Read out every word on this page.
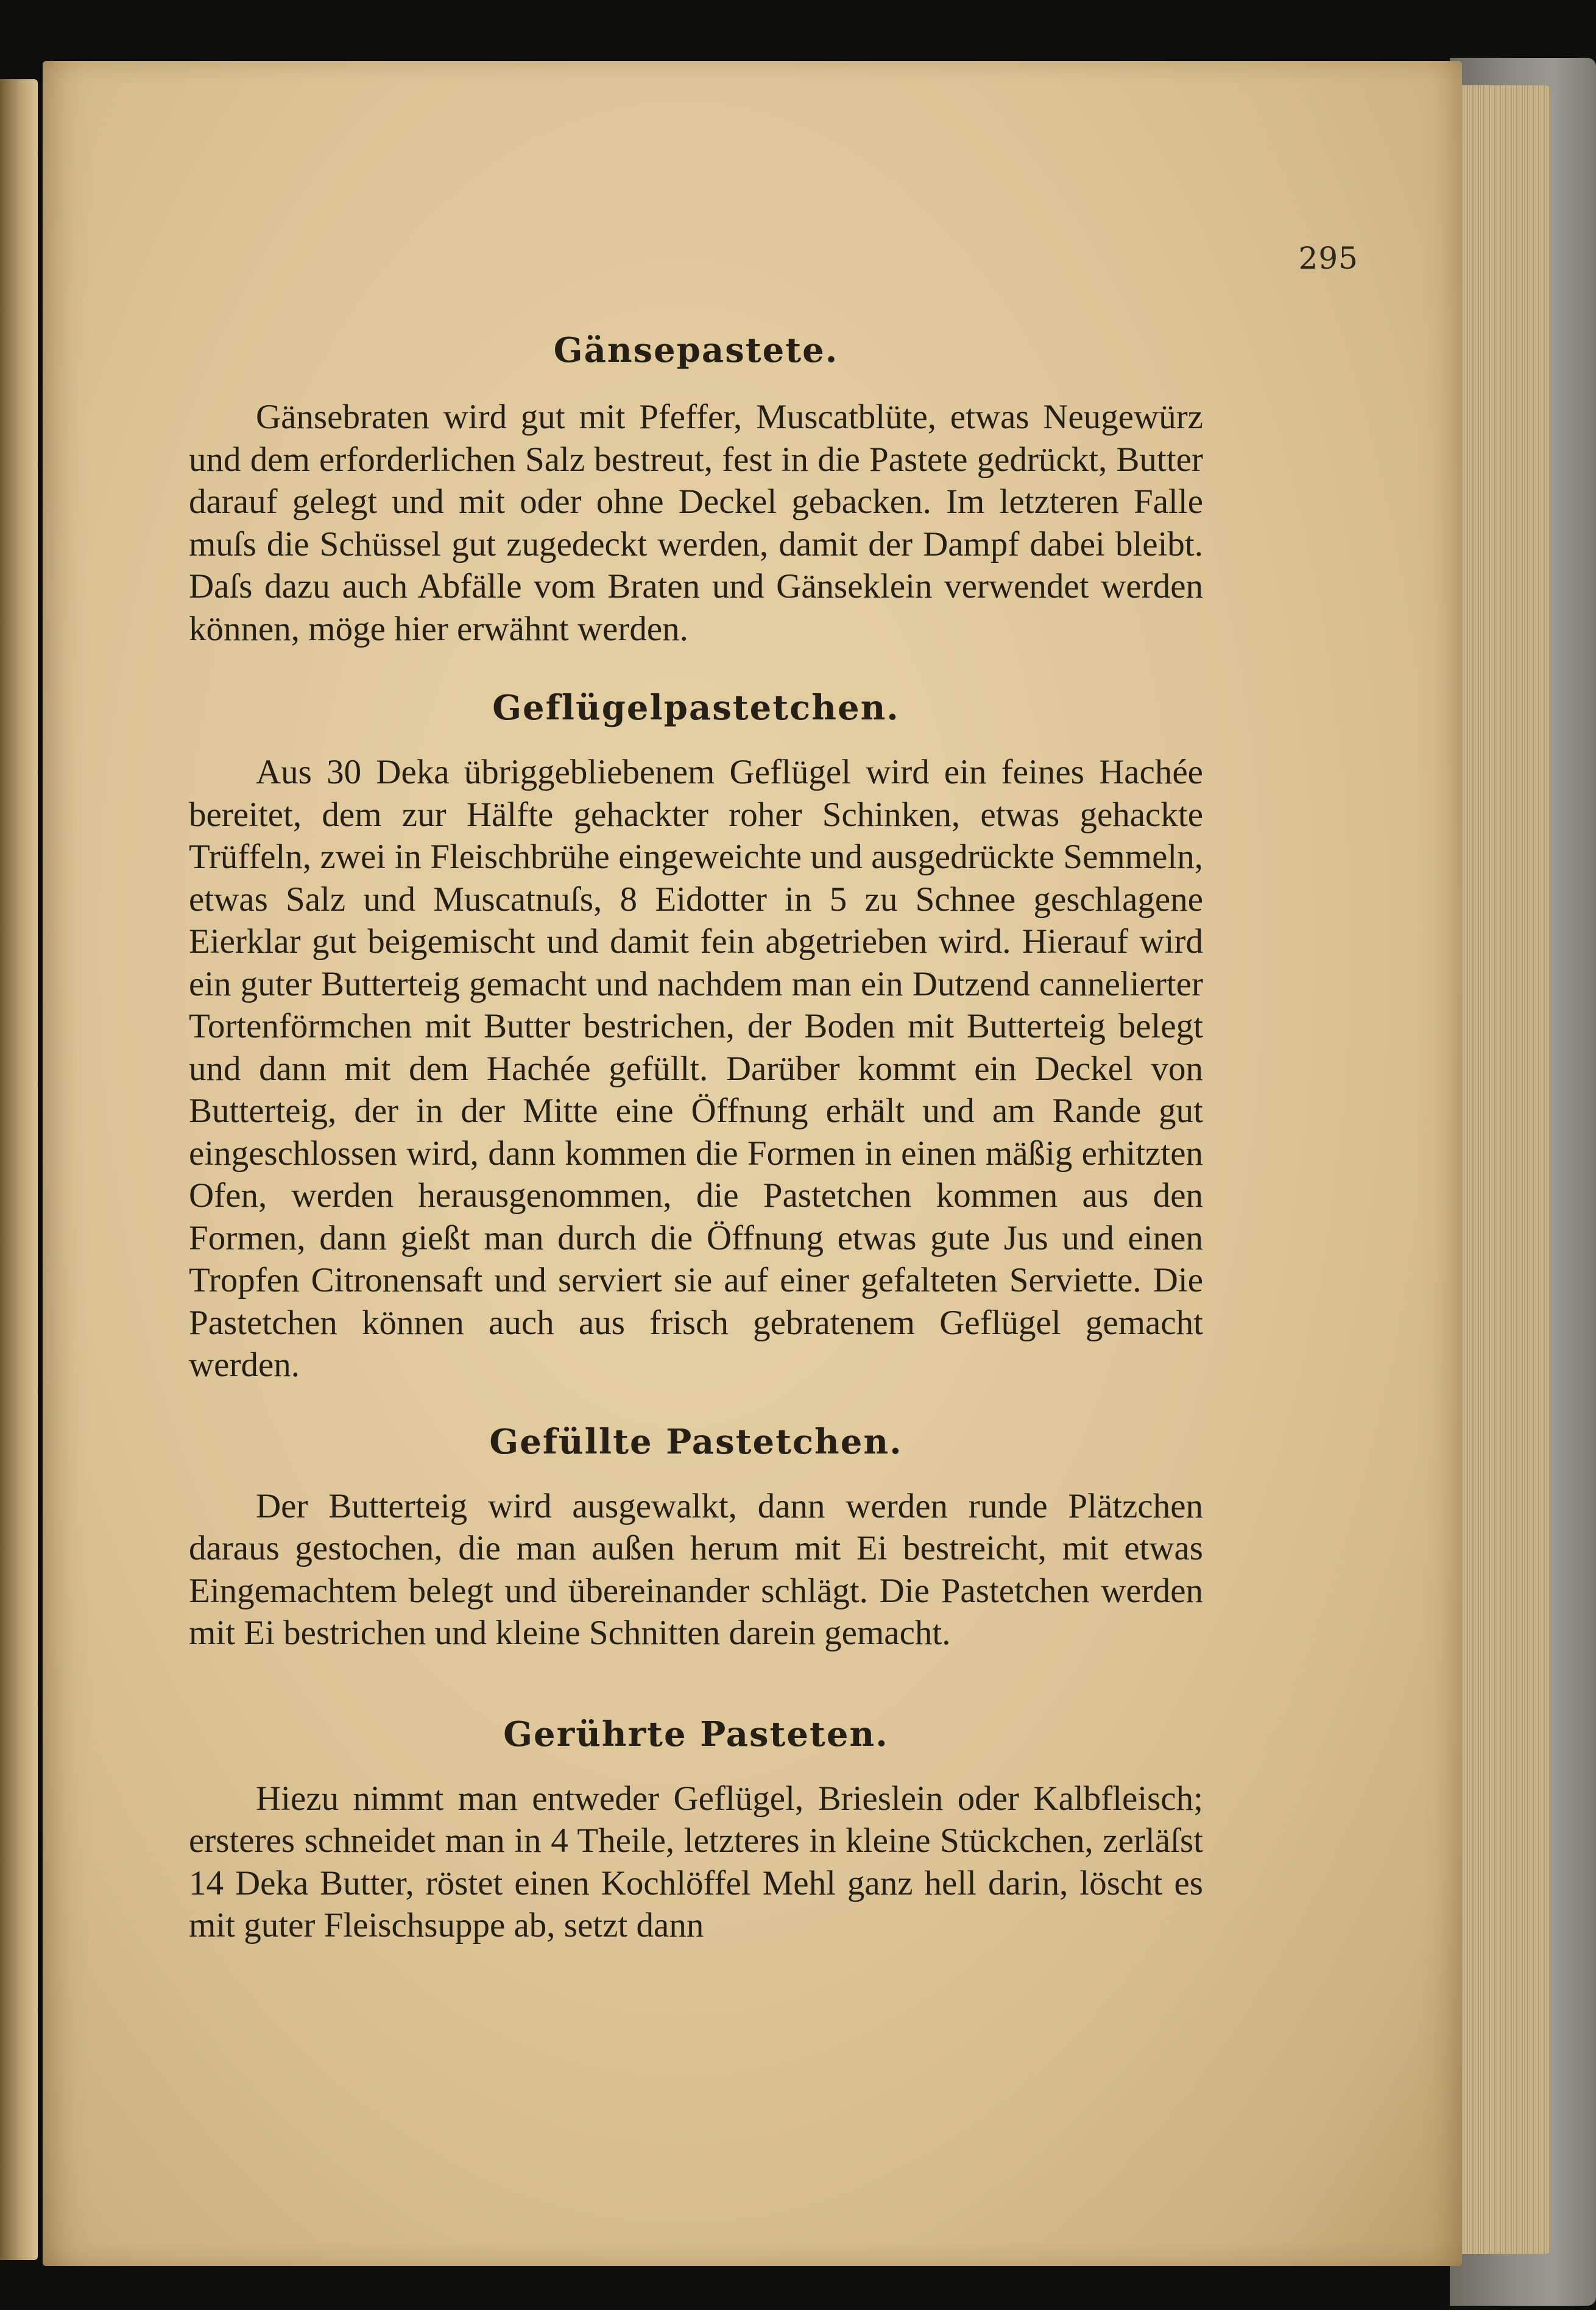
295
Gänsepastete.

Gänsebraten wird gut mit Pfeffer, Muscatblüte, etwas Neugewürz und dem erforderlichen Salz bestreut, fest in die Pastete gedrückt, Butter darauf gelegt und mit oder ohne Deckel gebacken. Im letzteren Falle muſs die Schüssel gut zugedeckt werden, damit der Dampf dabei bleibt. Daſs dazu auch Abfälle vom Braten und Gänseklein verwendet werden können, möge hier erwähnt werden.

Geflügelpastetchen.

Aus 30 Deka übriggebliebenem Geflügel wird ein feines Hachée bereitet, dem zur Hälfte gehackter roher Schinken, etwas gehackte Trüffeln, zwei in Fleischbrühe eingeweichte und ausgedrückte Semmeln, etwas Salz und Muscatnuſs, 8 Eidotter in 5 zu Schnee geschlagene Eierklar gut beigemischt und damit fein abgetrieben wird. Hierauf wird ein guter Butterteig gemacht und nachdem man ein Dutzend cannelierter Tortenförmchen mit Butter bestrichen, der Boden mit Butterteig belegt und dann mit dem Hachée gefüllt. Darüber kommt ein Deckel von Butterteig, der in der Mitte eine Öffnung erhält und am Rande gut eingeschlossen wird, dann kommen die Formen in einen mäßig erhitzten Ofen, werden herausgenommen, die Pastetchen kommen aus den Formen, dann gießt man durch die Öffnung etwas gute Jus und einen Tropfen Citronensaft und serviert sie auf einer gefalteten Serviette. Die Pastetchen können auch aus frisch gebratenem Geflügel gemacht werden.

Gefüllte Pastetchen.

Der Butterteig wird ausgewalkt, dann werden runde Plätzchen daraus gestochen, die man außen herum mit Ei bestreicht, mit etwas Eingemachtem belegt und übereinander schlägt. Die Pastetchen werden mit Ei bestrichen und kleine Schnitten darein gemacht.

Gerührte Pasteten.

Hiezu nimmt man entweder Geflügel, Brieslein oder Kalbfleisch; ersteres schneidet man in 4 Theile, letzteres in kleine Stückchen, zerläſst 14 Deka Butter, röstet einen Kochlöffel Mehl ganz hell darin, löscht es mit guter Fleischsuppe ab, setzt dann
